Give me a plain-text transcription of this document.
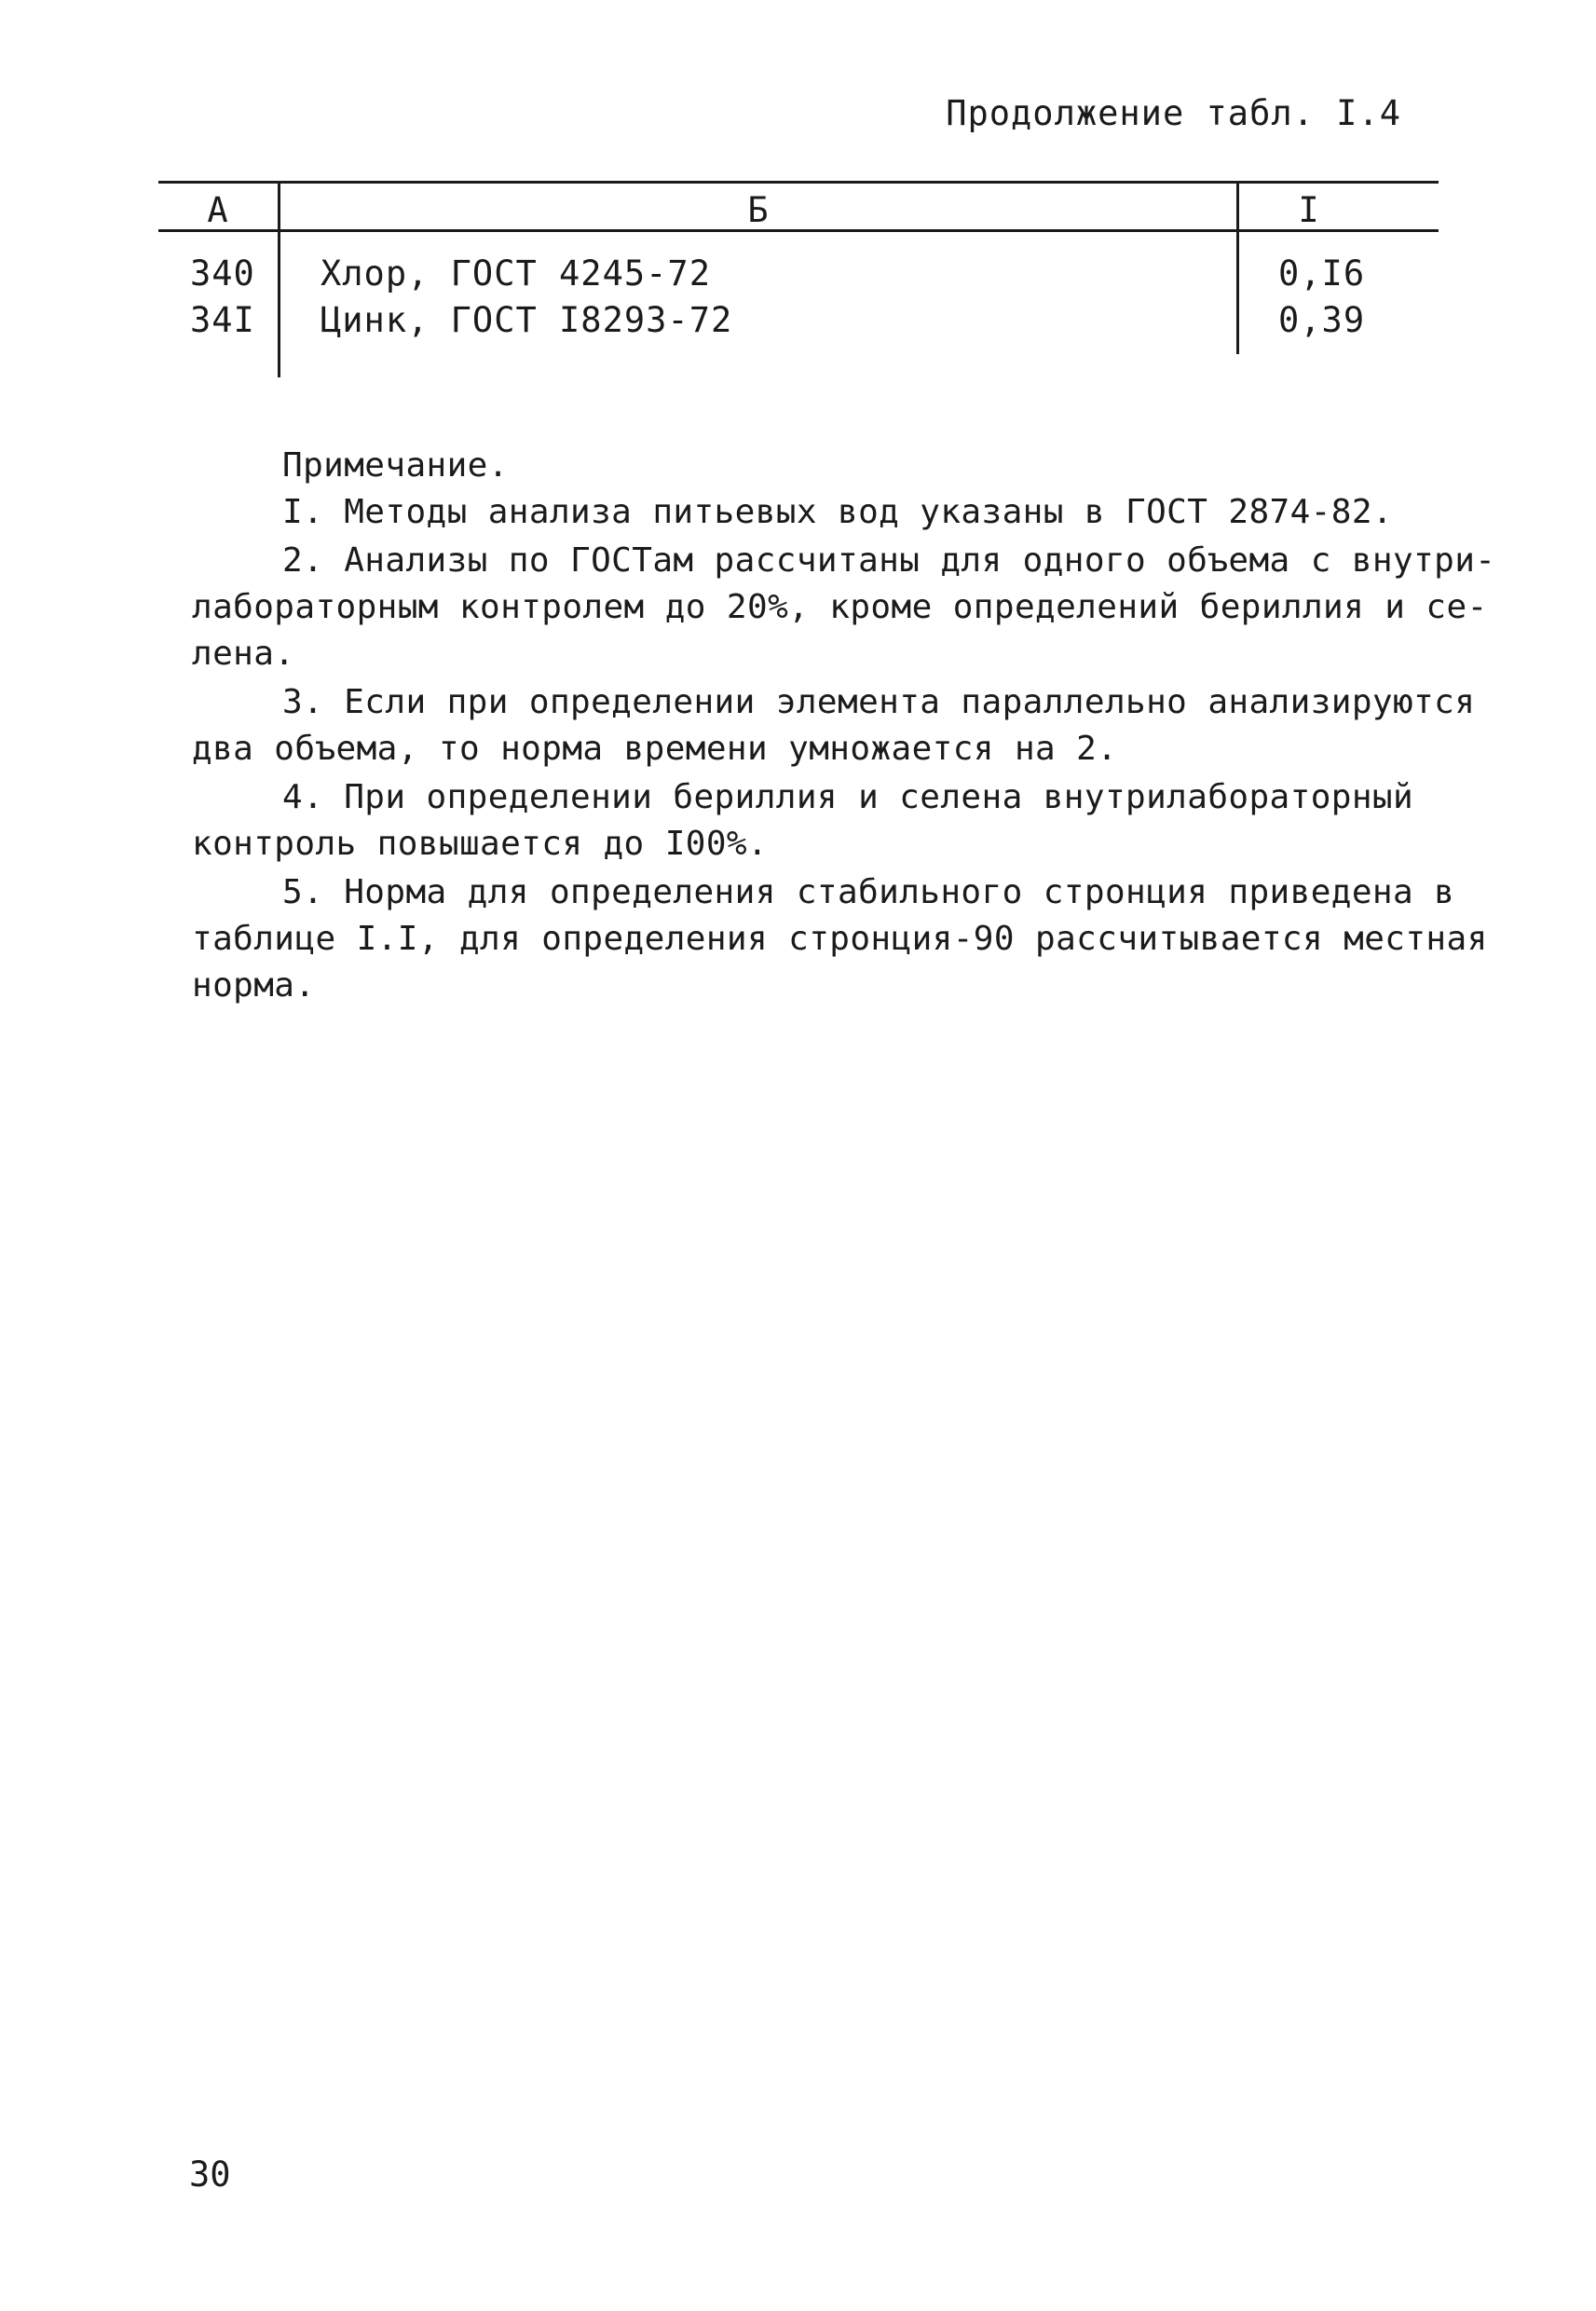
Продолжение табл. I.4
А	Б	I
340 Хлор, ГОСТ 4245-72	0,I6
34I Цинк, ГОСТ I8293-72	0,39
Примечание.
I. Методы анализа питьевых вод указаны в ГОСТ 2874-82.
2. Анализы по ГОСТам рассчитаны для одного объема с внутри-
лабораторным контролем до 20%, кроме определений бериллия и се-
лена.
3. Если при определении элемента параллельно анализируются
два объема, то норма времени умножается на 2.
4. При определении бериллия и селена внутрилабораторный
контроль повышается до I00%.
5. Норма для определения стабильного стронция приведена в
таблице I.I, для определения стронция-90 рассчитывается местная
норма.
30
